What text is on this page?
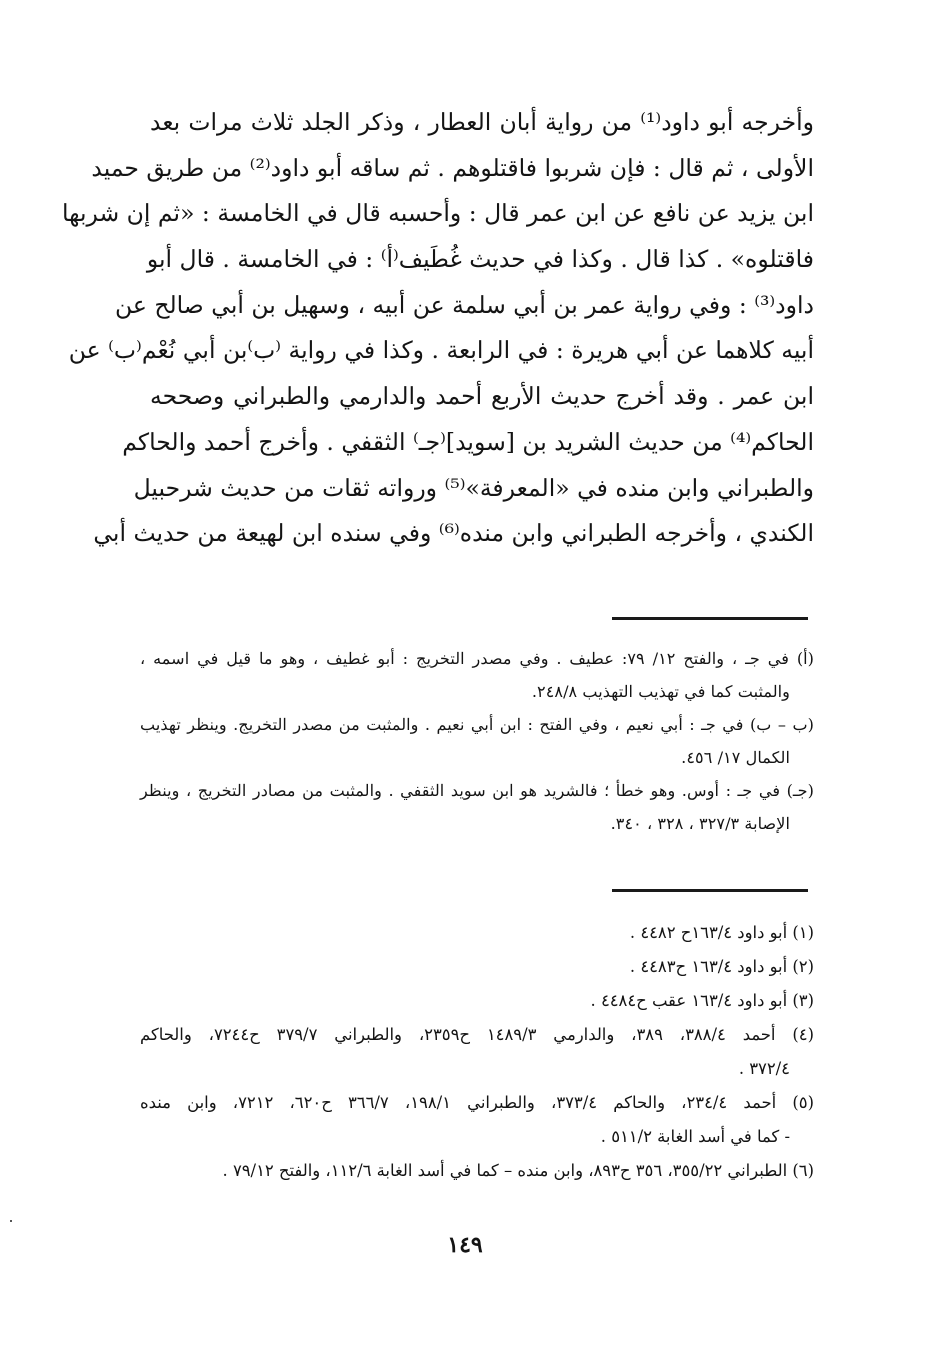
وأخرجه أبو داود⁽¹⁾ من رواية أبان العطار ، وذكر الجلد ثلاث مرات بعد
الأولى ، ثم قال : فإن شربوا فاقتلوهم . ثم ساقه أبو داود⁽²⁾ من طريق حميد
ابن يزيد عن نافع عن ابن عمر قال : وأحسبه قال في الخامسة : «ثم إن شربها
فاقتلوه» . كذا قال . وكذا في حديث غُطَيف⁽أ⁾ : في الخامسة . قال أبو
داود⁽³⁾ : وفي رواية عمر بن أبي سلمة عن أبيه ، وسهيل بن أبي صالح عن
أبيه كلاهما عن أبي هريرة : في الرابعة . وكذا في رواية ⁽ب⁾بن أبي نُعْم⁽ب⁾ عن
ابن عمر . وقد أخرج حديث الأربع أحمد والدارمي والطبراني وصححه
الحاكم⁽⁴⁾ من حديث الشريد بن [سويد]⁽جـ⁾ الثقفي . وأخرج أحمد والحاكم
والطبراني وابن منده في «المعرفة»⁽⁵⁾ ورواته ثقات من حديث شرحبيل
الكندي ، وأخرجه الطبراني وابن منده⁽⁶⁾ وفي سنده ابن لهيعة من حديث أبي
(أ) في جـ ، والفتح ١٢/ ٧٩: عطيف . وفي مصدر التخريج : أبو غطيف ، وهو ما قيل في اسمه ،
والمثبت كما في تهذيب التهذيب ٢٤٨/٨.
(ب – ب) في جـ : أبي نعيم ، وفي الفتح : ابن أبي نعيم . والمثبت من مصدر التخريج. وينظر تهذيب
الكمال ١٧/ ٤٥٦.
(جـ) في جـ : أوس. وهو خطأ ؛ فالشريد هو ابن سويد الثقفي . والمثبت من مصادر التخريج ، وينظر
الإصابة ٣٢٧/٣ ، ٣٢٨ ، ٣٤٠.
(١) أبو داود ١٦٣/٤ح ٤٤٨٢ .
(٢) أبو داود ١٦٣/٤ ح٤٤٨٣ .
(٣) أبو داود ١٦٣/٤ عقب ح٤٤٨٤ .
(٤) أحمد ٣٨٨/٤، ٣٨٩، والدارمي ١٤٨٩/٣ ح٢٣٥٩، والطبراني ٣٧٩/٧ ح٧٢٤٤، والحاكم
٣٧٢/٤ .
(٥) أحمد ٢٣٤/٤، والحاكم ٣٧٣/٤، والطبراني ١٩٨/١، ٣٦٦/٧ ح٦٢٠، ٧٢١٢، وابن منده
- كما في أسد الغابة ٥١١/٢ .
(٦) الطبراني ٣٥٥/٢٢، ٣٥٦ ح٨٩٣، وابن منده – كما في أسد الغابة ١١٢/٦، والفتح ٧٩/١٢ .
١٤٩
